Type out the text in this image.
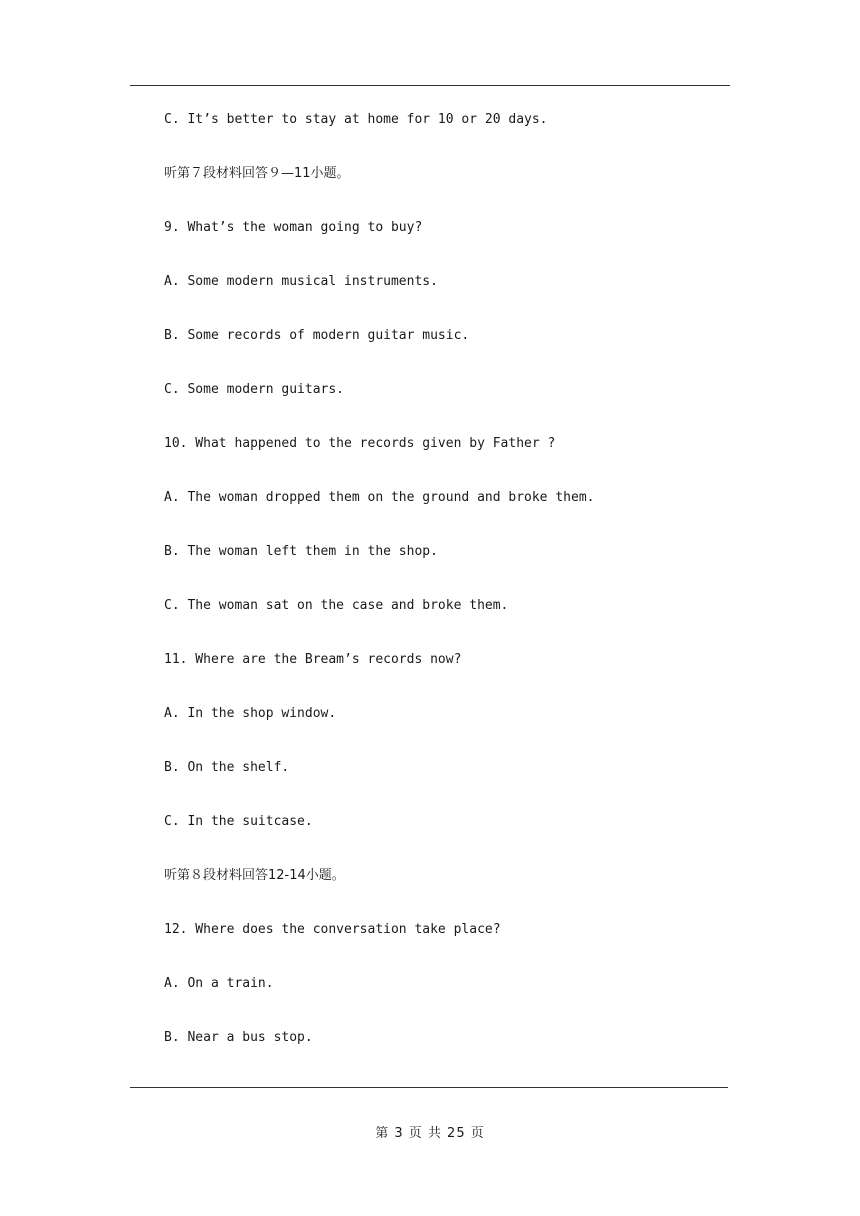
C. It’s better to stay at home for 10 or 20 days.
听第７段材料回答９—11小题。
9. What’s the woman going to buy?
A. Some modern musical instruments.
B. Some records of modern guitar music.
C. Some modern guitars.
10. What happened to the records given by Father ?
A. The woman dropped them on the ground and broke them.
B. The woman left them in the shop.
C. The woman sat on the case and broke them.
11. Where are the Bream’s records now?
A. In the shop window.
B. On the shelf.
C. In the suitcase.
听第８段材料回答12-14小题。
12. Where does the conversation take place?
A. On a train.
B. Near a bus stop.
第 3 页 共 25 页
